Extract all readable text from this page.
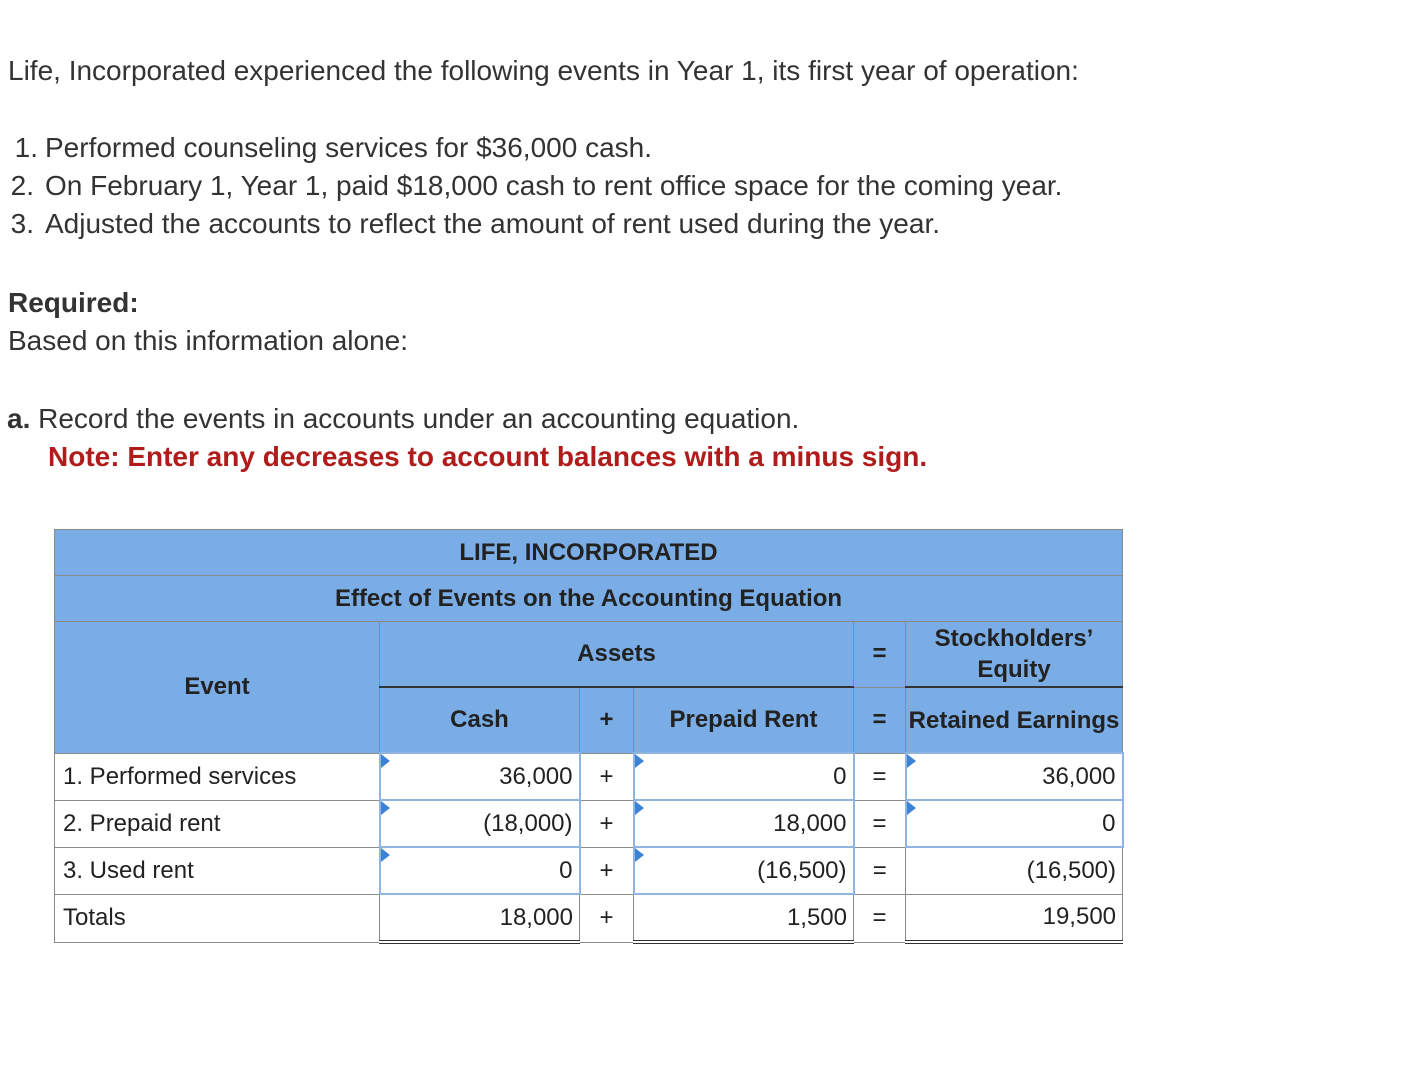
Life, Incorporated experienced the following events in Year 1, its first year of operation:
1. Performed counseling services for $36,000 cash.
2. On February 1, Year 1, paid $18,000 cash to rent office space for the coming year.
3. Adjusted the accounts to reflect the amount of rent used during the year.
Required:
Based on this information alone:
a. Record the events in accounts under an accounting equation.
Note: Enter any decreases to account balances with a minus sign.
LIFE, INCORPORATED					
Effect of Events on the Accounting Equation					
Event	Assets			=	Stockholders’ Equity
	Cash	+	Prepaid Rent	=	Retained Earnings
1. Performed services	36,000	+	0	=	36,000
2. Prepaid rent	(18,000)	+	18,000	=	0
3. Used rent	0	+	(16,500)	=	(16,500)
Totals	18,000	+	1,500	=	19,500
